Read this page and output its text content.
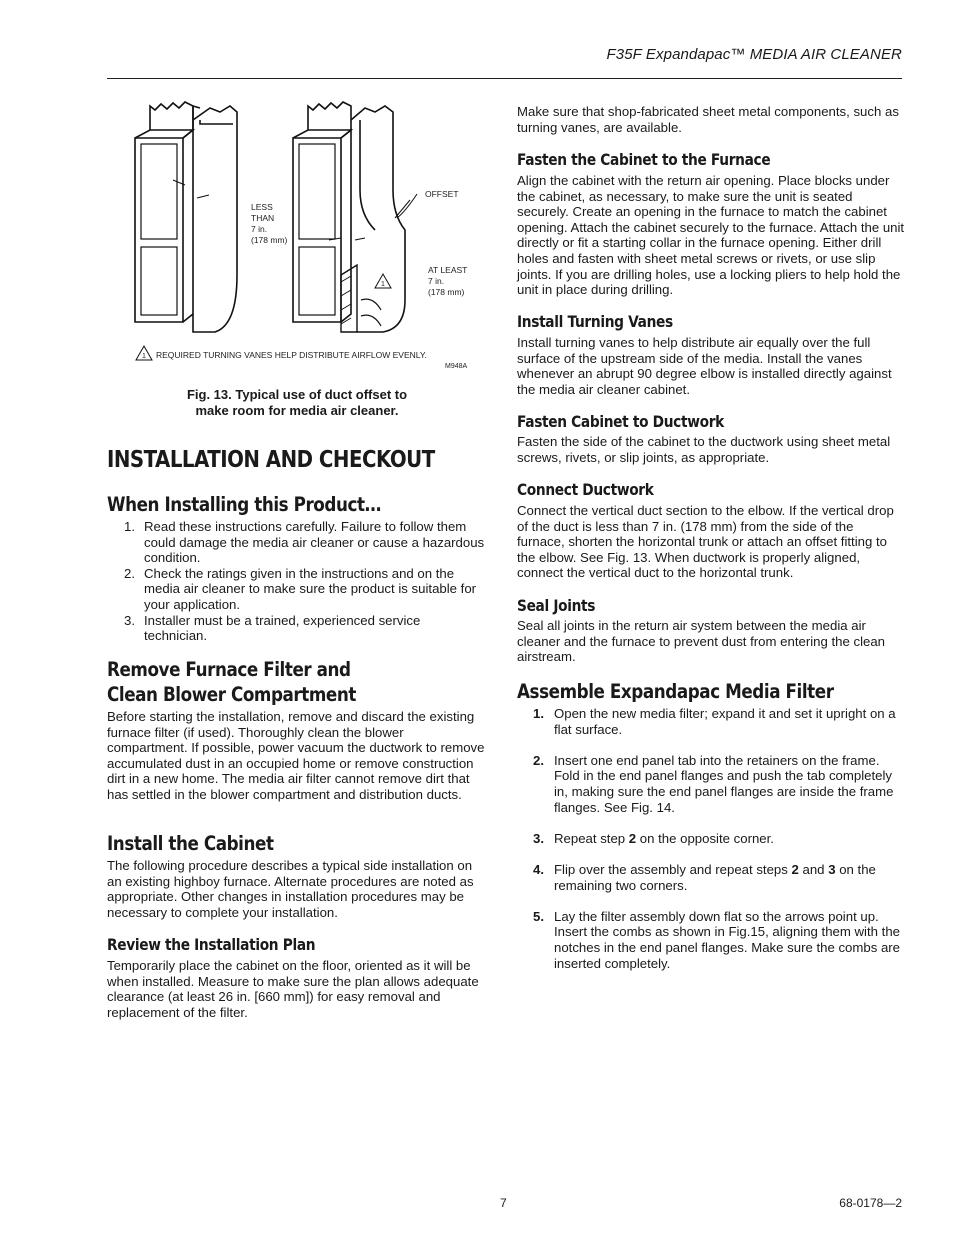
F35F Expandapac™ MEDIA AIR CLEANER
1
LESS
THAN
7 in.
(178 mm)
OFFSET
AT LEAST
7 in.
(178 mm)
1 REQUIRED TURNING VANES HELP DISTRIBUTE AIRFLOW EVENLY.
M948A
Fig. 13. Typical use of duct offset to
make room for media air cleaner.
INSTALLATION AND CHECKOUT
When Installing this Product…
1. Read these instructions carefully. Failure to follow them could damage the media air cleaner or cause a hazardous condition.
2. Check the ratings given in the instructions and on the media air cleaner to make sure the product is suitable for your application.
3. Installer must be a trained, experienced service technician.
Remove Furnace Filter and
Clean Blower Compartment

Before starting the installation, remove and discard the existing furnace filter (if used). Thoroughly clean the blower compartment. If possible, power vacuum the ductwork to remove accumulated dust in an occupied home or remove construction dirt in a new home. The media air filter cannot remove dirt that has settled in the blower compartment and distribution ducts.

Install the Cabinet

The following procedure describes a typical side installation on an existing highboy furnace. Alternate procedures are noted as appropriate. Other changes in installation procedures may be necessary to complete your installation.

Review the Installation Plan

Temporarily place the cabinet on the floor, oriented as it will be when installed. Measure to make sure the plan allows adequate clearance (at least 26 in. [660 mm]) for easy removal and replacement of the filter.

Make sure that shop-fabricated sheet metal components, such as turning vanes, are available.

Fasten the Cabinet to the Furnace

Align the cabinet with the return air opening. Place blocks under the cabinet, as necessary, to make sure the unit is seated securely. Create an opening in the furnace to match the cabinet opening. Attach the cabinet securely to the furnace. Attach the unit directly or fit a starting collar in the furnace opening. Either drill holes and fasten with sheet metal screws or rivets, or use slip joints. If you are drilling holes, use a locking pliers to help hold the unit in place during drilling.

Install Turning Vanes

Install turning vanes to help distribute air equally over the full surface of the upstream side of the media. Install the vanes whenever an abrupt 90 degree elbow is installed directly against the media air cleaner cabinet.

Fasten Cabinet to Ductwork

Fasten the side of the cabinet to the ductwork using sheet metal screws, rivets, or slip joints, as appropriate.

Connect Ductwork

Connect the vertical duct section to the elbow. If the vertical drop of the duct is less than 7 in. (178 mm) from the side of the furnace, shorten the horizontal trunk or attach an offset fitting to the elbow. See Fig. 13. When ductwork is properly aligned, connect the vertical duct to the horizontal trunk.

Seal Joints

Seal all joints in the return air system between the media air cleaner and the furnace to prevent dust from entering the clean airstream.

Assemble Expandapac Media Filter
1. Open the new media filter; expand it and set it upright on a flat surface.
2. Insert one end panel tab into the retainers on the frame. Fold in the end panel flanges and push the tab completely in, making sure the end panel flanges are inside the frame flanges. See Fig. 14.
3. Repeat step 2 on the opposite corner.
4. Flip over the assembly and repeat steps 2 and 3 on the remaining two corners.
5. Lay the filter assembly down flat so the arrows point up. Insert the combs as shown in Fig.15, aligning them with the notches in the end panel flanges. Make sure the combs are inserted completely.
7	68-0178—2
